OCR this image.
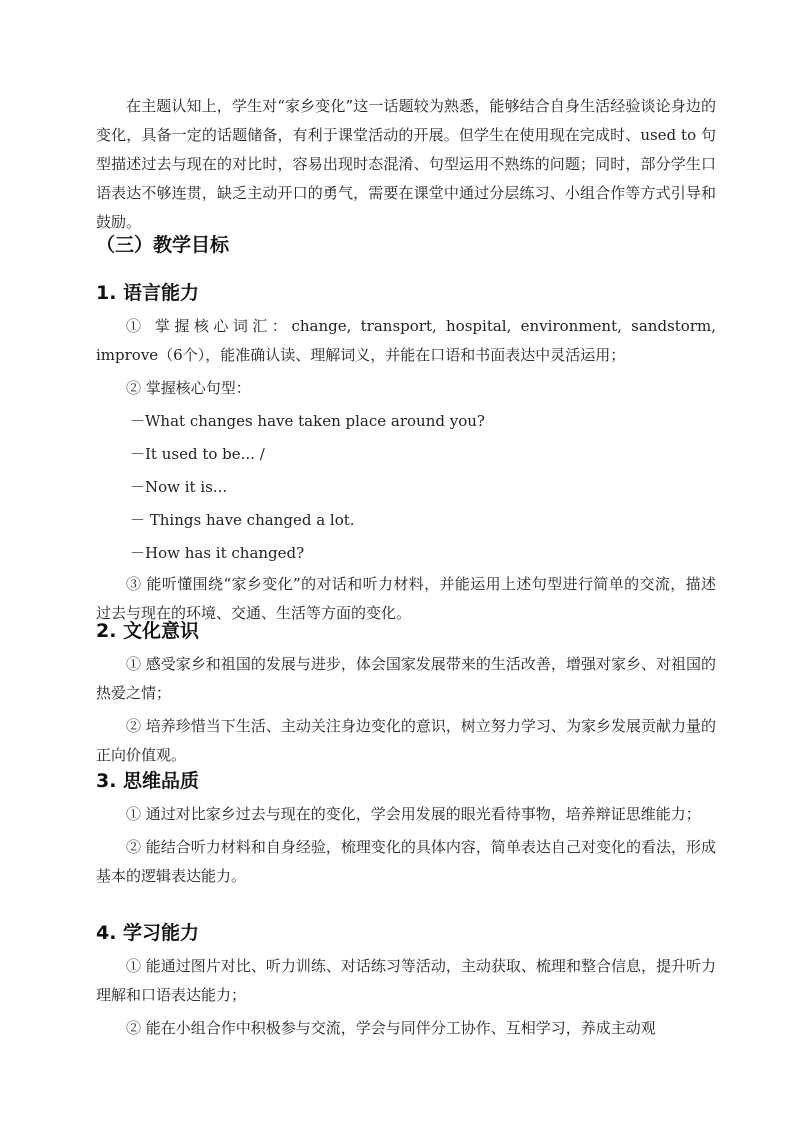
在主题认知上，学生对“家乡变化”这一话题较为熟悉，能够结合自身生活经验谈论身边的变化，具备一定的话题储备，有利于课堂活动的开展。但学生在使用现在完成时、used to 句型描述过去与现在的对比时，容易出现时态混淆、句型运用不熟练的问题；同时，部分学生口语表达不够连贯，缺乏主动开口的勇气，需要在课堂中通过分层练习、小组合作等方式引导和鼓励。

（三）教学目标
1. 语言能力

① 掌握核心词汇：change, transport, hospital, environment, sandstorm, improve（6个），能准确认读、理解词义，并能在口语和书面表达中灵活运用；

② 掌握核心句型：

－What changes have taken place around you?

－It used to be... /

－Now it is...

－ Things have changed a lot.

－How has it changed?

③ 能听懂围绕“家乡变化”的对话和听力材料，并能运用上述句型进行简单的交流，描述过去与现在的环境、交通、生活等方面的变化。

2. 文化意识

① 感受家乡和祖国的发展与进步，体会国家发展带来的生活改善，增强对家乡、对祖国的热爱之情；

② 培养珍惜当下生活、主动关注身边变化的意识，树立努力学习、为家乡发展贡献力量的正向价值观。

3. 思维品质

① 通过对比家乡过去与现在的变化，学会用发展的眼光看待事物，培养辩证思维能力；

② 能结合听力材料和自身经验，梳理变化的具体内容，简单表达自己对变化的看法，形成基本的逻辑表达能力。

4. 学习能力

① 能通过图片对比、听力训练、对话练习等活动，主动获取、梳理和整合信息，提升听力理解和口语表达能力；

② 能在小组合作中积极参与交流，学会与同伴分工协作、互相学习，养成主动观
